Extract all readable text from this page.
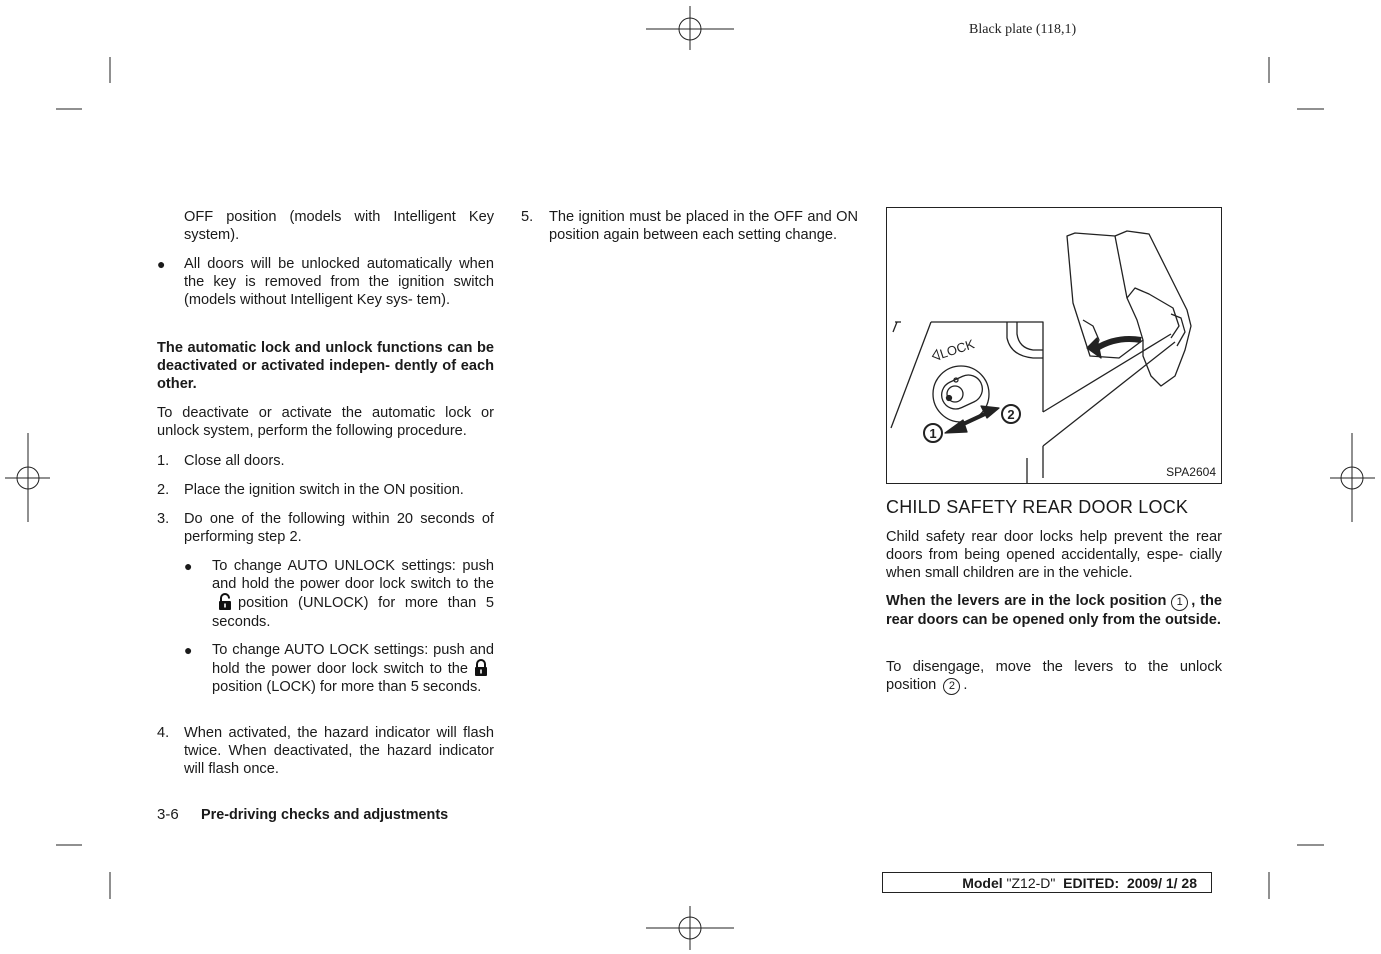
Black plate (118,1)
OFF position (models with Intelligent Key system).
● All doors will be unlocked automatically when the key is removed from the ignition switch (models without Intelligent Key sys- tem).
The automatic lock and unlock functions can be deactivated or activated indepen- dently of each other.
To deactivate or activate the automatic lock or unlock system, perform the following procedure.
1. Close all doors.
2. Place the ignition switch in the ON position.
3. Do one of the following within 20 seconds of performing step 2.
● To change AUTO UNLOCK settings: push and hold the power door lock switch to theposition (UNLOCK) for more than 5 seconds.
● To change AUTO LOCK settings: push and hold the power door lock switch to theposition (LOCK) for more than 5 seconds.
4. When activated, the hazard indicator will flash twice. When deactivated, the hazard indicator will flash once.
5. The ignition must be placed in the OFF and ON position again between each setting change.
LOCK
1
2
SPA2604
CHILD SAFETY REAR DOOR LOCK
Child safety rear door locks help prevent the rear doors from being opened accidentally, espe- cially when small children are in the vehicle.
When the levers are in the lock position 1 , the rear doors can be opened only from the outside.
To disengage, move the levers to the unlock position 2 .
3-6 Pre-driving checks and adjustments
Model "Z12-D" EDITED: 2009/ 1/ 28
